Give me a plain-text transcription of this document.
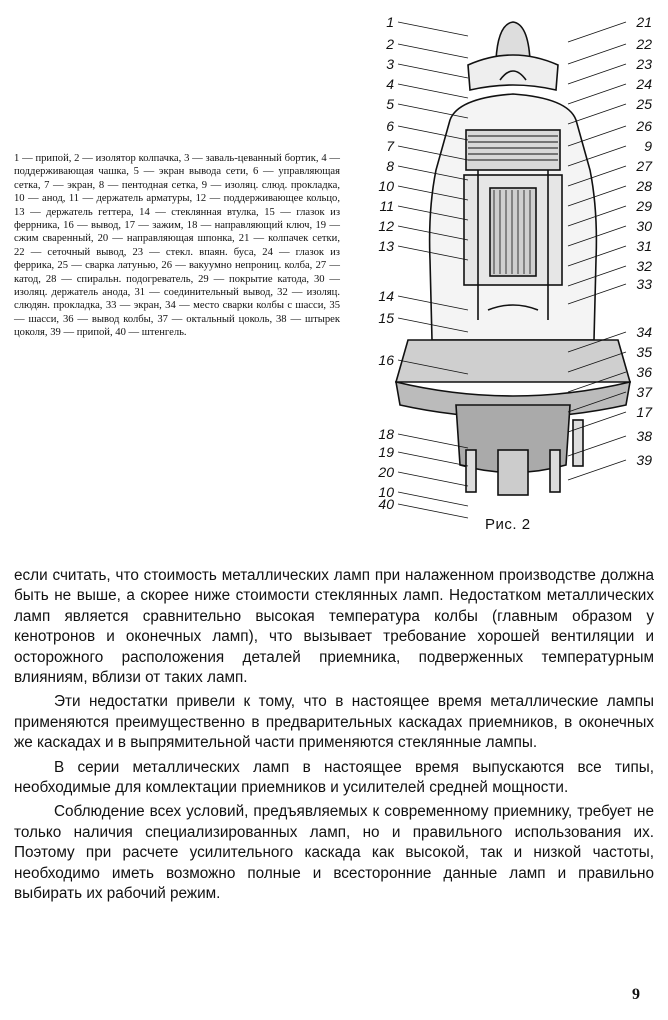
1 — припой, 2 — изолятор колпачка, 3 — заваль-цеванный бортик, 4 — поддерживающая чашка, 5 — экран вывода сети, 6 — управляющая сетка, 7 — экран, 8 — пентодная сетка, 9 — изоляц. слюд. прокладка, 10 — анод, 11 — держатель арматуры, 12 — поддерживающее кольцо, 13 — держатель геттера, 14 — стеклянная втулка, 15 — глазок из феррника, 16 — вывод, 17 — зажим, 18 — направляющий ключ, 19 — сжим сваренный, 20 — направляющая шпонка, 21 — колпачек сетки, 22 — сеточный вывод, 23 — стекл. впаян. буса, 24 — глазок из феррика, 25 — сварка латунью, 26 — вакуумно непрониц. колба, 27 — катод, 28 — спиральн. подогреватель, 29 — покрытие катода, 30 — изоляц. держатель анода, 31 — соединительный вывод, 32 — изоляц. слюдян. прокладка, 33 — экран, 34 — место сварки колбы с шасси, 35 — шасси, 36 — вывод колбы, 37 — октальный цоколь, 38 — штырек цоколя, 39 — припой, 40 — штенгель.
21
22
23
24
25
26
9
27
28
29
30
31
32
33
34
35
36
37
17
38
39
1
2
3
4
5
6
7
8
10
11
12
13
14
15
16
18
19
20
10
40
Рис. 2

если считать, что стоимость металлических ламп при налаженном производстве должна быть не выше, а скорее ниже стоимости стеклянных ламп. Недостатком металлических ламп является сравнительно высокая температура колбы (главным образом у кенотронов и оконечных ламп), что вызывает требование хорошей вентиляции и осторожного расположения деталей приемника, подверженных температурным влияниям, вблизи от таких ламп.

Эти недостатки привели к тому, что в настоящее время металлические лампы применяются преимущественно в предварительных каскадах приемников, в оконечных же каскадах и в выпрямительной части применяются стеклянные лампы.

В серии металлических ламп в настоящее время выпускаются все типы, необходимые для комлектации приемников и усилителей средней мощности.

Соблюдение всех условий, предъявляемых к современному приемнику, требует не только наличия специализированных ламп, но и правильного использования их. Поэтому при расчете усилительного каскада как высокой, так и низкой частоты, необходимо иметь возможно полные и всесторонние данные ламп и правильно выбирать их рабочий режим.

9
